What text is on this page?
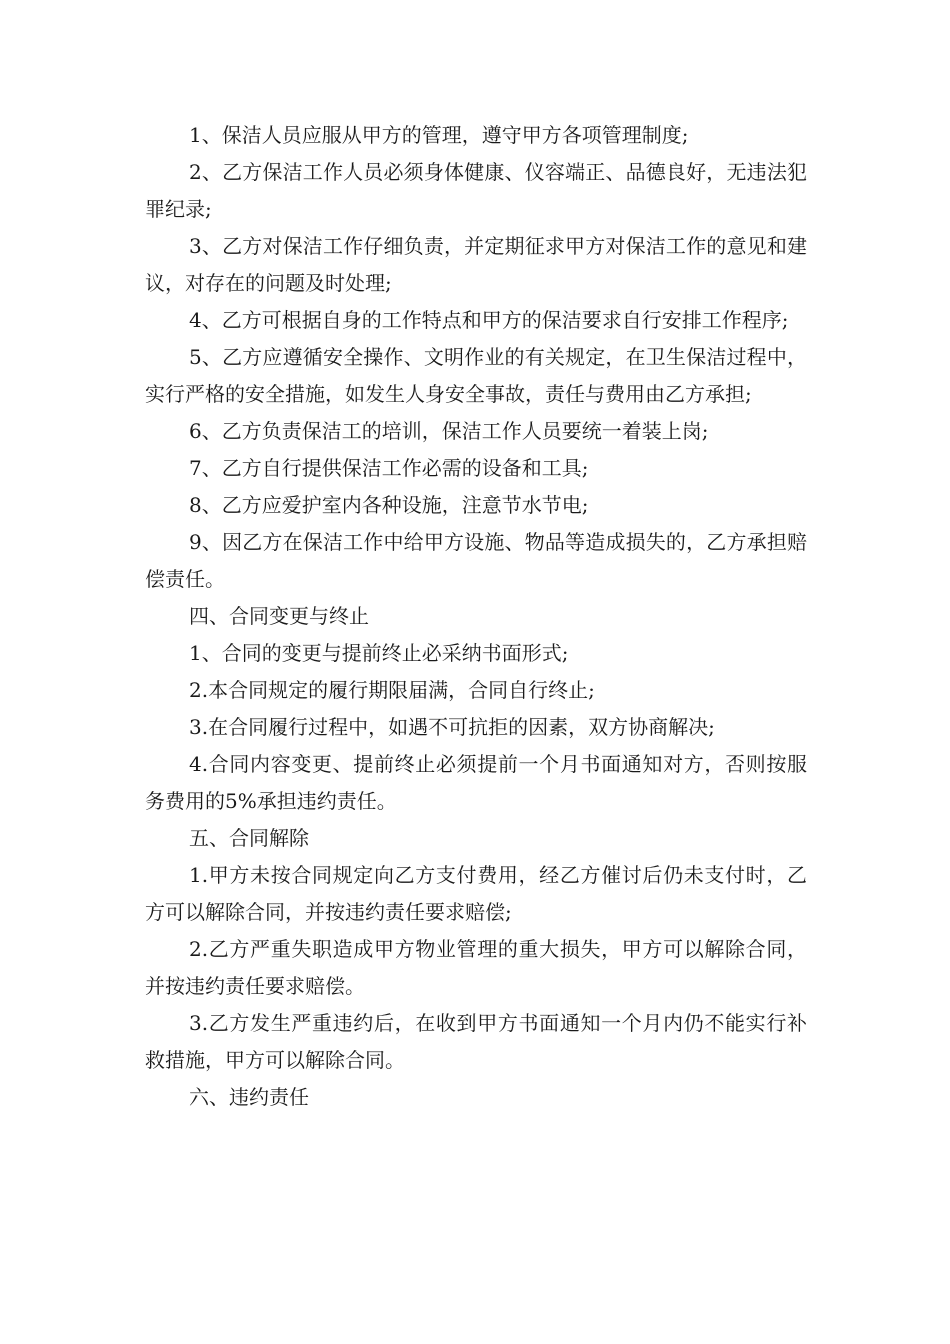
1、保洁人员应服从甲方的管理，遵守甲方各项管理制度;

2、乙方保洁工作人员必须身体健康、仪容端正、品德良好，无违法犯罪纪录;

3、乙方对保洁工作仔细负责，并定期征求甲方对保洁工作的意见和建议，对存在的问题及时处理;

4、乙方可根据自身的工作特点和甲方的保洁要求自行安排工作程序;

5、乙方应遵循安全操作、文明作业的有关规定，在卫生保洁过程中，实行严格的安全措施，如发生人身安全事故，责任与费用由乙方承担;

6、乙方负责保洁工的培训，保洁工作人员要统一着装上岗;

7、乙方自行提供保洁工作必需的设备和工具;

8、乙方应爱护室内各种设施，注意节水节电;

9、因乙方在保洁工作中给甲方设施、物品等造成损失的，乙方承担赔偿责任。

四、合同变更与终止

1、合同的变更与提前终止必采纳书面形式;

2.本合同规定的履行期限届满，合同自行终止;

3.在合同履行过程中，如遇不可抗拒的因素，双方协商解决;

4.合同内容变更、提前终止必须提前一个月书面通知对方，否则按服务费用的5%承担违约责任。

五、合同解除

1.甲方未按合同规定向乙方支付费用，经乙方催讨后仍未支付时，乙方可以解除合同，并按违约责任要求赔偿;

2.乙方严重失职造成甲方物业管理的重大损失，甲方可以解除合同，并按违约责任要求赔偿。

3.乙方发生严重违约后，在收到甲方书面通知一个月内仍不能实行补救措施，甲方可以解除合同。

六、违约责任
